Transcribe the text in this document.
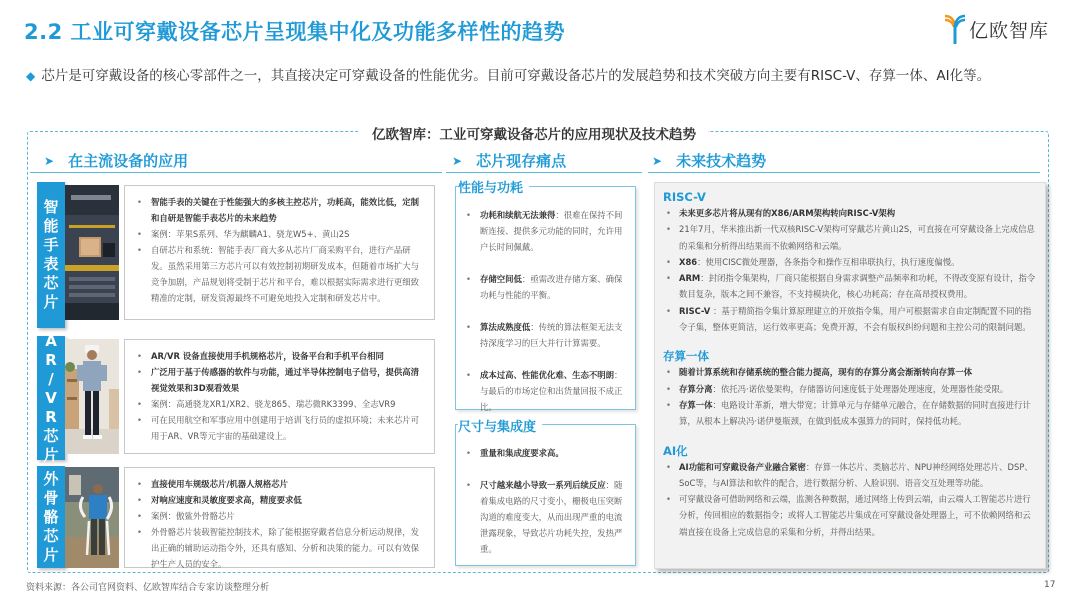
2.2 工业可穿戴设备芯片呈现集中化及功能多样性的趋势	亿欧智库
◆ 芯片是可穿戴设备的核心零部件之一，其直接决定可穿戴设备的性能优劣。目前可穿戴设备芯片的发展趋势和技术突破方向主要有RISC-V、存算一体、AI化等。
亿欧智库：工业可穿戴设备芯片的应用现状及技术趋势
➤ 在主流设备的应用	➤ 芯片现存痛点	➤ 未来技术趋势
智
能
手
表
芯
片
• 智能手表的关键在于性能强大的多核主控芯片，功耗高，能效比低，定制和自研是智能手表芯片的未来趋势
• 案例：苹果S系列、华为麒麟A1、骁龙W5+、黄山2S
• 自研芯片和系统：智能手表厂商大多从芯片厂商采购平台，进行产品研发。虽然采用第三方芯片可以有效控制初期研发成本，但随着市场扩大与竞争加剧，产品规划将受制于芯片和平台，难以根据实际需求进行更细致精准的定制，研发资源最终不可避免地投入定制和研发芯片中。
A
R
/
V
R
芯
片
• AR/VR 设备直接使用手机规格芯片，设备平台和手机平台相同
• 广泛用于基于传感器的软件与功能，通过半导体控制电子信号，提供高清视觉效果和3D观看效果
• 案例：高通骁龙XR1/XR2、骁龙865、瑞芯微RK3399、全志VR9
• 可在民用航空和军事应用中创建用于培训飞行员的虚拟环境；未来芯片可用于AR、VR等元宇宙的基础建设上。
外
骨
骼
芯
片
• 直接使用车规级芯片/机器人规格芯片
• 对响应速度和灵敏度要求高，精度要求低
• 案例：傲鲨外骨骼芯片
• 外骨骼芯片装载智能控制技术，除了能根据穿戴者信息分析运动规律，发出正确的辅助运动指令外，还具有感知、分析和决策的能力。可以有效保护生产人员的安全。
• 功耗和续航无法兼得：很难在保持不间断连接、提供多元功能的同时，允许用户长时间佩戴。
• 存储空间低：亟需改进存储方案、确保功耗与性能的平衡。
• 算法成熟度低：传统的算法框架无法支持深度学习的巨大并行计算需要。
• 成本过高、性能优化难、生态不明朗：与最后的市场定位和出货量回报不成正比。
性能与功耗
• 重量和集成度要求高。
• 尺寸越来越小导致一系列后续反应：随着集成电路的尺寸变小，栅极电压突断沟道的难度变大，从而出现严重的电流泄露现象，导致芯片功耗失控，发热严重。
尺寸与集成度
RISC-V
• 未来更多芯片将从现有的X86/ARM架构转向RISC-V架构
• 21年7月，华米推出新一代双核RISC-V架构可穿戴芯片黄山2S，可直接在可穿戴设备上完成信息的采集和分析得出结果而不依赖网络和云端。
• X86：使用CISC微处理器，各条指令和操作互相串联执行，执行速度偏慢。
• ARM：封闭指令集架构，厂商只能根据自身需求调整产品频率和功耗，不得改变原有设计，指令数目复杂，版本之间不兼容，不支持模块化，核心功耗高；存在高昂授权费用。
• RISC-V ：基于精简指令集计算原理建立的开放指令集，用户可根据需求自由定制配置不同的指令子集，整体更简洁，运行效率更高；免费开源，不会有版权纠纷问题和主控公司的限制问题。
存算一体
• 随着计算系统和存储系统的整合能力提高，现有的存算分离会渐渐转向存算一体
• 存算分离：依托冯·诺依曼架构，存储器访问速度低于处理器处理速度，处理器性能受限。
• 存算一体：电路设计革新，增大带宽；计算单元与存储单元融合，在存储数据的同时直接进行计算，从根本上解决冯·诺伊曼瓶颈，在做到低成本强算力的同时，保持低功耗。
AI化
• AI功能和可穿戴设备产业融合紧密：存算一体芯片、类脑芯片、NPU神经网络处理芯片、DSP、SoC等，与AI算法和软件的配合，进行数据分析、人脸识别、语音交互处理等功能。
• 可穿戴设备可借助网络和云端，监测各种数据，通过网络上传到云端，由云端人工智能芯片进行分析，传回相应的数据指令；或将人工智能芯片集成在可穿戴设备处理器上，可不依赖网络和云端直接在设备上完成信息的采集和分析，并得出结果。
资料来源：各公司官网资料、亿欧智库结合专家访谈整理分析	17
